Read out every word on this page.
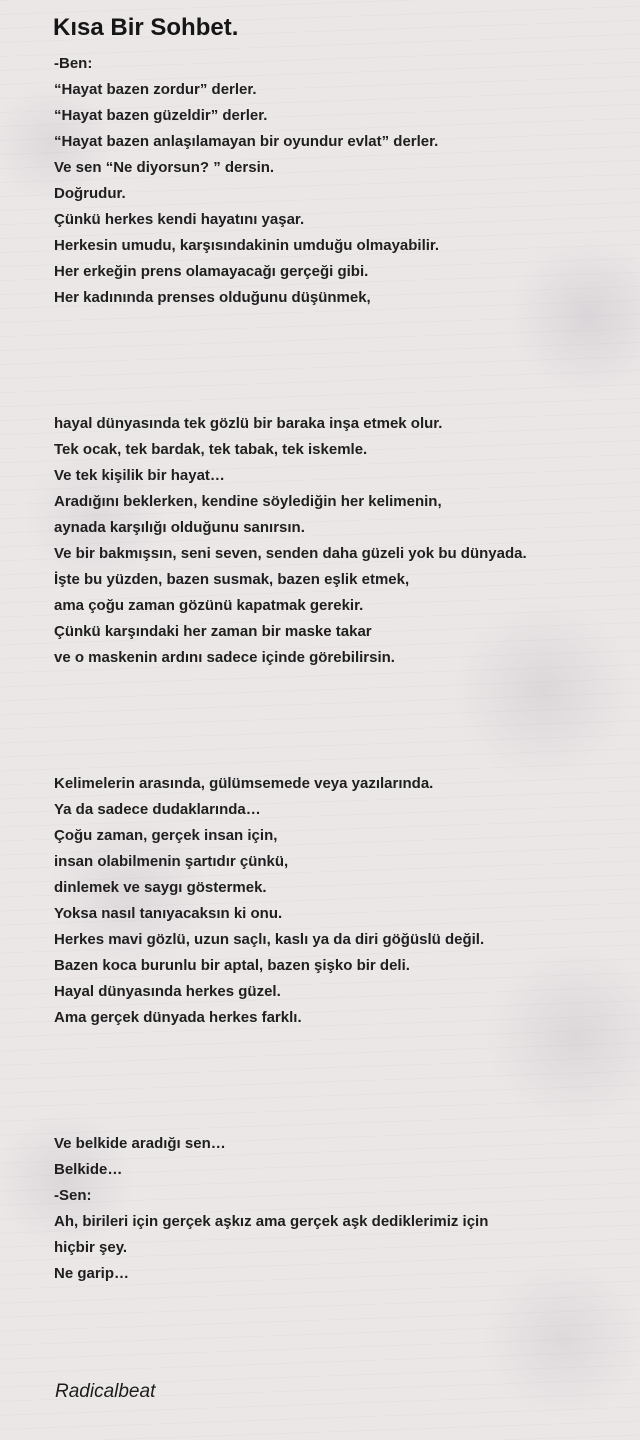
Kısa Bir Sohbet.
-Ben:
“Hayat bazen zordur” derler.
“Hayat bazen güzeldir” derler.
“Hayat bazen anlaşılamayan bir oyundur evlat” derler.
Ve sen “Ne diyorsun? ” dersin.
Doğrudur.
Çünkü herkes kendi hayatını yaşar.
Herkesin umudu, karşısındakinin umduğu olmayabilir.
Her erkeğin prens olamayacağı gerçeği gibi.
Her kadınında prenses olduğunu düşünmek,
hayal dünyasında tek gözlü bir baraka inşa etmek olur.
Tek ocak, tek bardak, tek tabak, tek iskemle.
Ve tek kişilik bir hayat…
Aradığını beklerken, kendine söylediğin her kelimenin,
aynada karşılığı olduğunu sanırsın.
Ve bir bakmışsın, seni seven, senden daha güzeli yok bu dünyada.
İşte bu yüzden, bazen susmak, bazen eşlik etmek,
ama çoğu zaman gözünü kapatmak gerekir.
Çünkü karşındaki her zaman bir maske takar
ve o maskenin ardını sadece içinde görebilirsin.
Kelimelerin arasında, gülümsemede veya yazılarında.
Ya da sadece dudaklarında…
Çoğu zaman, gerçek insan için,
insan olabilmenin şartıdır çünkü,
dinlemek ve saygı göstermek.
Yoksa nasıl tanıyacaksın ki onu.
Herkes mavi gözlü, uzun saçlı, kaslı ya da diri göğüslü değil.
Bazen koca burunlu bir aptal, bazen şişko bir deli.
Hayal dünyasında herkes güzel.
Ama gerçek dünyada herkes farklı.
Ve belkide aradığı sen…
Belkide…
-Sen:
Ah, birileri için gerçek aşkız ama gerçek aşk dediklerimiz için
hiçbir şey.
Ne garip…

Radicalbeat
